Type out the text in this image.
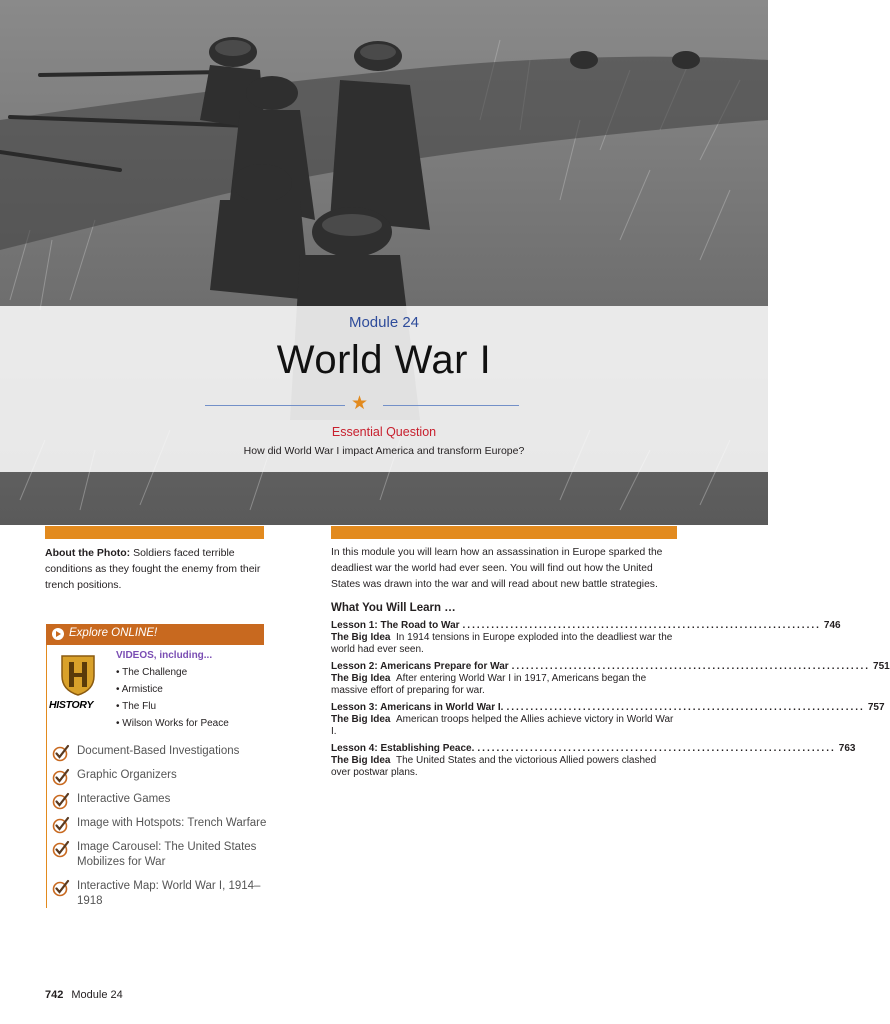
Module 24
World War I
★
Essential Question
How did World War I impact America and transform Europe?
About the Photo: Soldiers faced terrible conditions as they fought the enemy from their trench positions.
Explore ONLINE!
HISTORY
VIDEOS, including...
• The Challenge
• Armistice
• The Flu
• Wilson Works for Peace
Document-Based Investigations
Graphic Organizers
Interactive Games
Image with Hotspots: Trench Warfare
Image Carousel: The United States Mobilizes for War
Interactive Map: World War I, 1914–1918
In this module you will learn how an assassination in Europe sparked the deadliest war the world had ever seen. You will find out how the United States was drawn into the war and will read about new battle strategies.
What You Will Learn …
Lesson 1: The Road to War ........................................................................... 746
The Big Idea In 1914 tensions in Europe exploded into the deadliest war the world had ever seen.
Lesson 2: Americans Prepare for War ........................................................................... 751
The Big Idea After entering World War I in 1917, Americans began the massive effort of preparing for war.
Lesson 3: Americans in World War I. ........................................................................... 757
The Big Idea American troops helped the Allies achieve victory in World War I.
Lesson 4: Establishing Peace. ........................................................................... 763
The Big Idea The United States and the victorious Allied powers clashed over postwar plans.
742 Module 24
